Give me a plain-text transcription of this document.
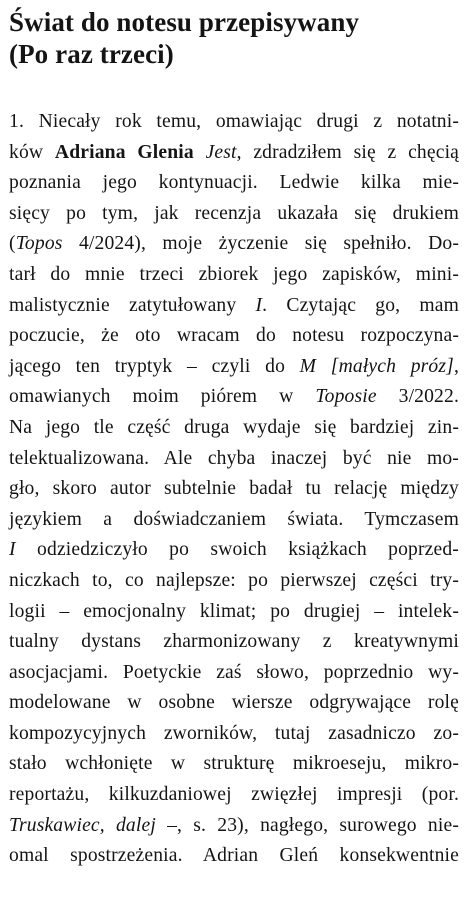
Świat do notesu przepisywany
(Po raz trzeci)
1. Niecały rok temu, omawiając drugi z notatni-
ków Adriana Glenia Jest, zdradziłem się z chęcią
poznania jego kontynuacji. Ledwie kilka mie-
sięcy po tym, jak recenzja ukazała się drukiem
(Topos 4/2024), moje życzenie się spełniło. Do-
tarł do mnie trzeci zbiorek jego zapisków, mini-
malistycznie zatytułowany I. Czytając go, mam
poczucie, że oto wracam do notesu rozpoczyna-
jącego ten tryptyk – czyli do M [małych próz],
omawianych moim piórem w Toposie 3/2022.
Na jego tle część druga wydaje się bardziej zin-
telektualizowana. Ale chyba inaczej być nie mo-
gło, skoro autor subtelnie badał tu relację między
językiem a doświadczaniem świata. Tymczasem
I odziedziczyło po swoich książkach poprzed-
niczkach to, co najlepsze: po pierwszej części try-
logii – emocjonalny klimat; po drugiej – intelek-
tualny dystans zharmonizowany z kreatywnymi
asocjacjami. Poetyckie zaś słowo, poprzednio wy-
modelowane w osobne wiersze odgrywające rolę
kompozycyjnych zworników, tutaj zasadniczo zo-
stało wchłonięte w strukturę mikroeseju, mikro-
reportażu, kilkuzdaniowej zwięzłej impresji (por.
Truskawiec, dalej –, s. 23), nagłego, surowego nie-
omal spostrzeżenia. Adrian Gleń konsekwentnie
